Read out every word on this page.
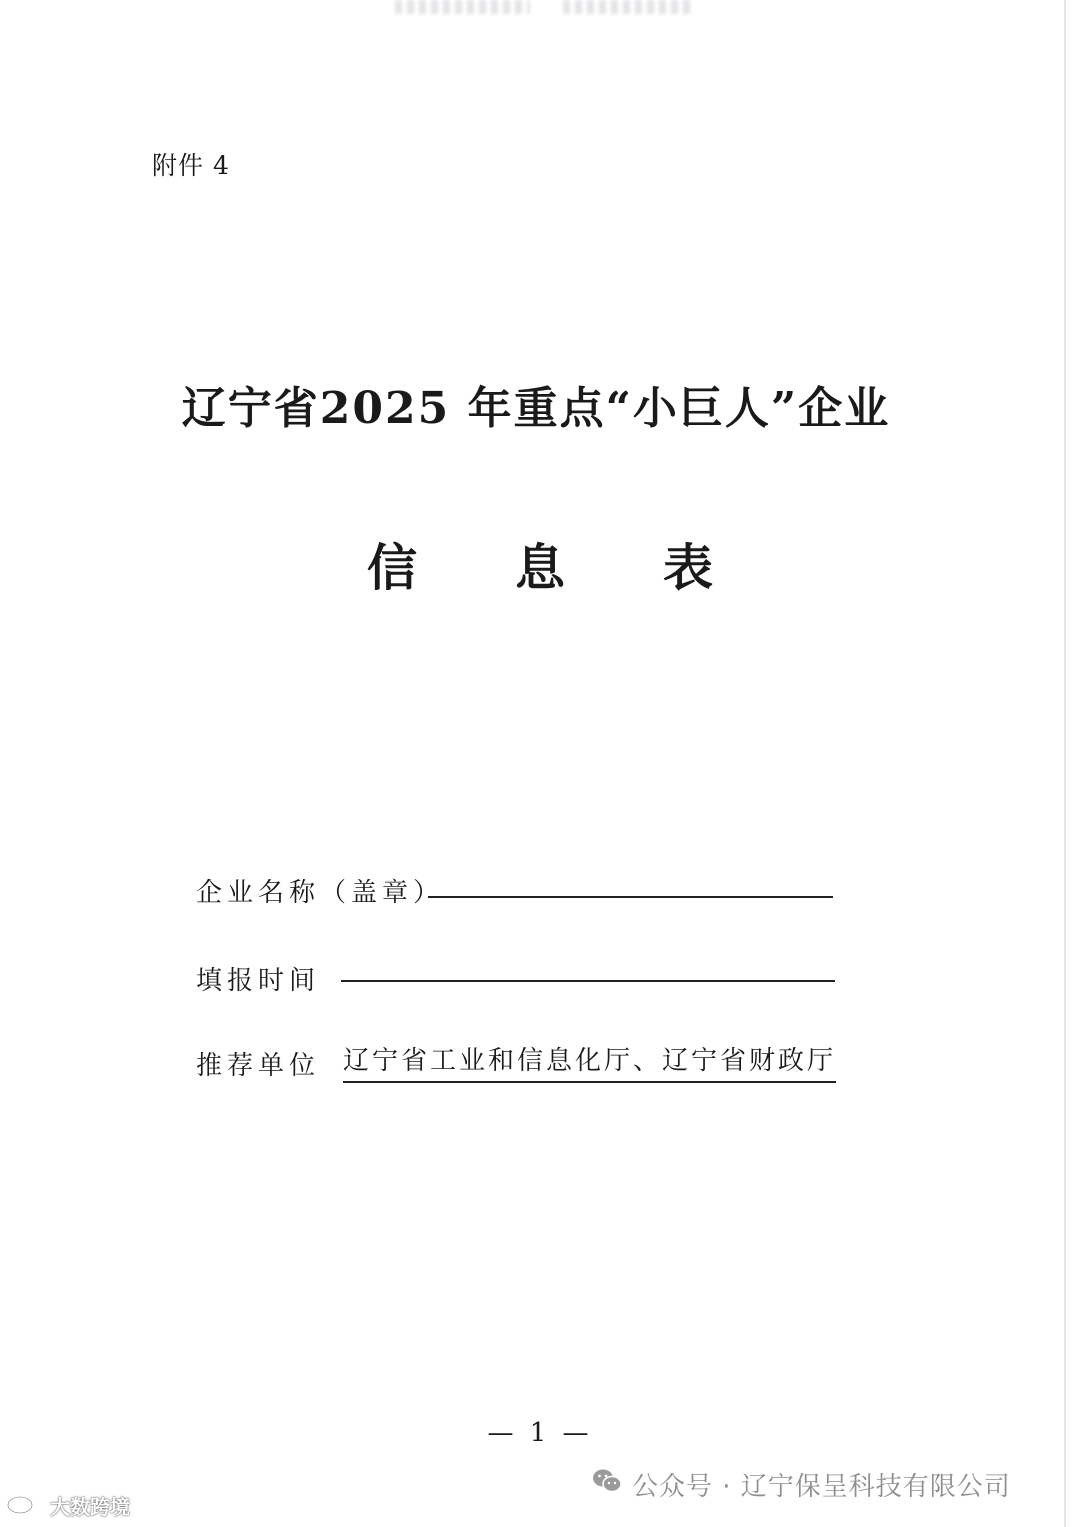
附件 4
辽宁省2025 年重点“小巨人”企业
信息表
企业名称（盖章）
填报时间
推荐单位 辽宁省工业和信息化厅、辽宁省财政厅
— 1 —
公众号 · 辽宁保呈科技有限公司
大数跨境
